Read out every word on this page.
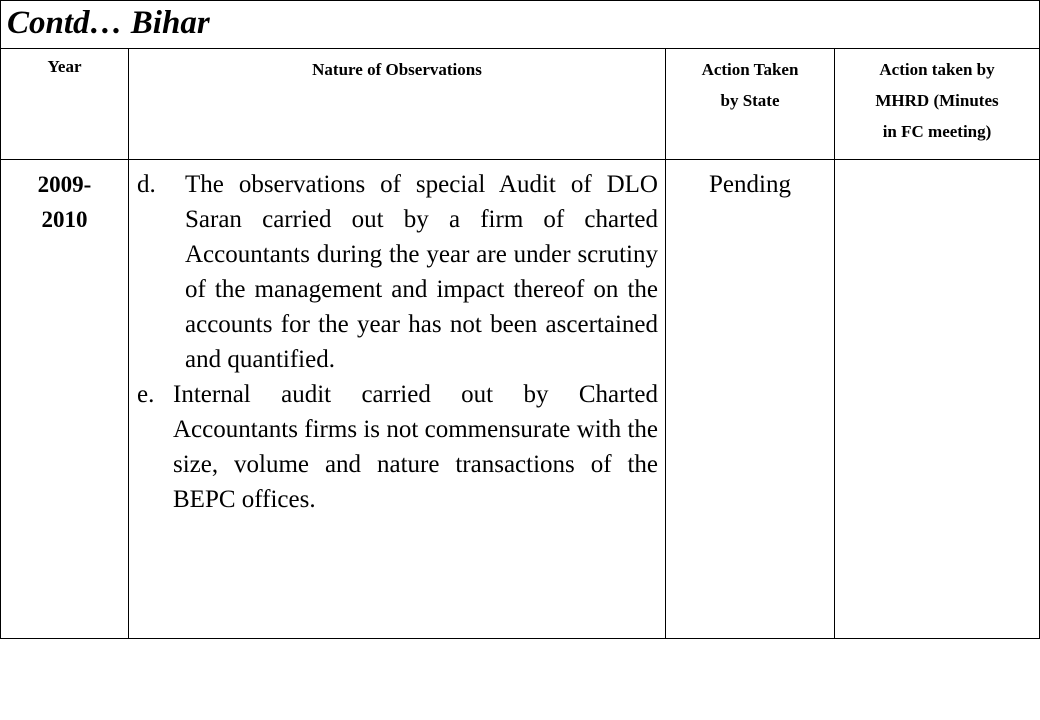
Contd… Bihar
Year	Nature of Observations	Action Taken
by State
Action taken by
MHRD (Minutes
in FC meeting)
2009-
2010

d. The observations of special Audit of DLO Saran carried out by a firm of charted Accountants during the year are under scrutiny of the management and impact thereof on the accounts for the year has not been ascertained and quantified.

e. Internal audit carried out by Charted Accountants firms is not commensurate with the size, volume and nature transactions of the BEPC offices.

Pending
